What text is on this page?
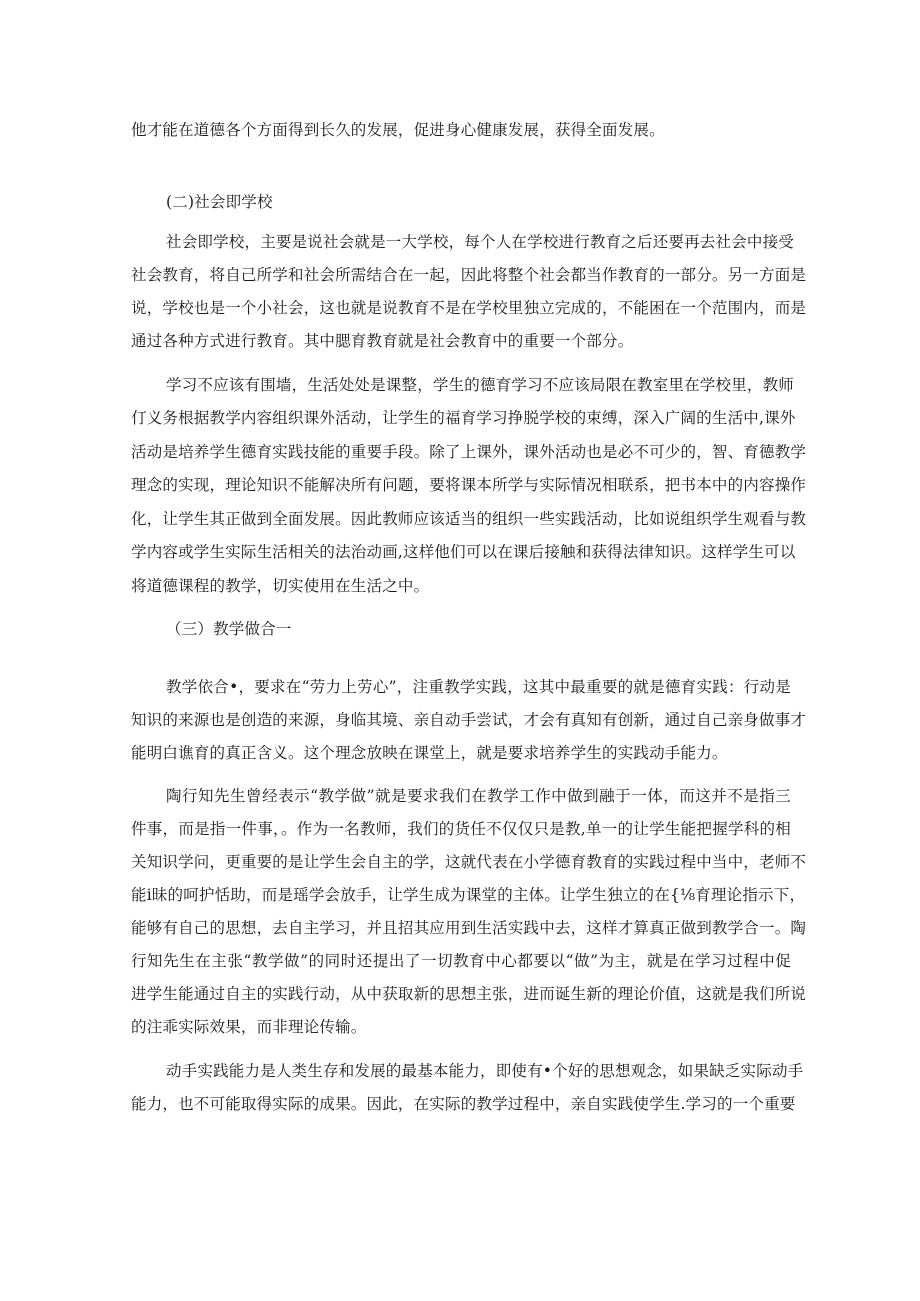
他才能在道德各个方面得到长久的发展，促进身心健康发展，获得全面发展。
(二)社会即学校
社会即学校，主要是说社会就是一大学校，每个人在学校进行教育之后还要再去社会中接受
社会教育，将自己所学和社会所需结合在一起，因此将整个社会都当作教育的一部分。另一方面是
说，学校也是一个小社会，这也就是说教育不是在学校里独立完成的，不能困在一个范围内，而是
通过各种方式进行教育。其中腮育教育就是社会教育中的重要一个部分。
学习不应该有围墙，生活处处是课整，学生的德育学习不应该局限在教室里在学校里，教师
仃义务根据教学内容组织课外活动，让学生的福育学习挣脱学校的束缚，深入广阔的生活中,课外
活动是培养学生德育实践技能的重要手段。除了上课外，课外活动也是必不可少的，智、育德教学
理念的实现，理论知识不能解决所有问题，要将课本所学与实际情况相联系，把书本中的内容操作
化，让学生其正做到全面发展。因此教师应该适当的组织一些实践活动，比如说组织学生观看与教
学内容或学生实际生活相关的法治动画,这样他们可以在课后接触和获得法律知识。这样学生可以
将道德课程的教学，切实使用在生活之中。
（三）教学做合一
教学依合•，要求在“劳力上劳心”，注重教学实践，这其中最重要的就是德育实践：行动是
知识的来源也是创造的来源，身临其境、亲自动手尝试，才会有真知有创新，通过自己亲身做事才
能明白谯育的真正含义。这个理念放映在课堂上，就是要求培养学生的实践动手能力。
陶行知先生曾经表示“教学做”就是要求我们在教学工作中做到融于一体，而这并不是指三
件事，而是指一件事，。作为一名教师，我们的货任不仅仅只是教,单一的让学生能把握学科的相
关知识学问，更重要的是让学生会自主的学，这就代表在小学德育教育的实践过程中当中，老师不
能i昧的呵护恬助，而是瑶学会放手，让学生成为课堂的主体。让学生独立的在{⅛育理论指示下，
能够有自己的思想，去自主学习，并且招其应用到生活实践中去，这样才算真正做到教学合一。陶
行知先生在主张“教学做”的同时还提出了一切教育中心都要以“做”为主，就是在学习过程中促
进学生能通过自主的实践行动，从中获取新的思想主张，进而诞生新的理论价值，这就是我们所说
的注乖实际效果，而非理论传输。
动手实践能力是人类生存和发展的最基本能力，即使有•个好的思想观念，如果缺乏实际动手
能力，也不可能取得实际的成果。因此，在实际的教学过程中，亲自实践使学生.学习的一个重要
